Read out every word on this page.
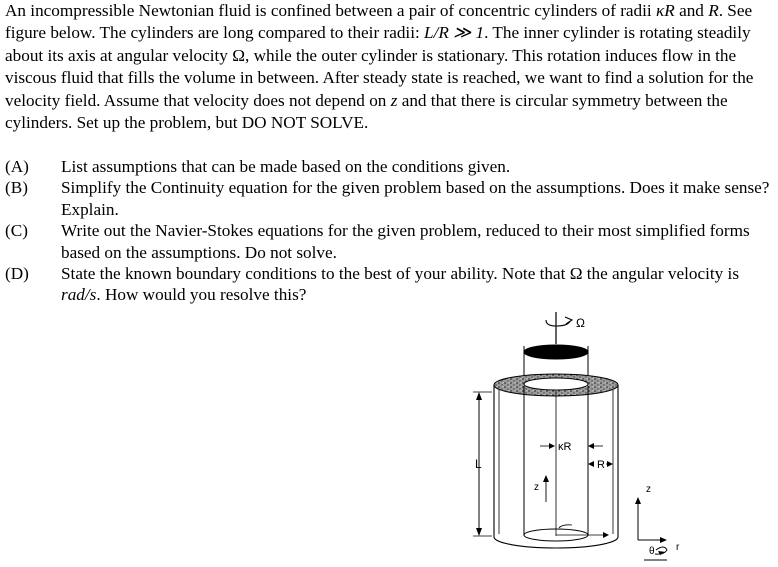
An incompressible Newtonian fluid is confined between a pair of concentric cylinders of radii κR and R. See figure below. The cylinders are long compared to their radii: L/R ≫ 1. The inner cylinder is rotating steadily about its axis at angular velocity Ω, while the outer cylinder is stationary. This rotation induces flow in the viscous fluid that fills the volume in between. After steady state is reached, we want to find a solution for the velocity field. Assume that velocity does not depend on z and that there is circular symmetry between the cylinders. Set up the problem, but DO NOT SOLVE.
(A) List assumptions that can be made based on the conditions given.
(B) Simplify the Continuity equation for the given problem based on the assumptions. Does it make sense? Explain.
(C) Write out the Navier-Stokes equations for the given problem, reduced to their most simplified forms based on the assumptions. Do not solve.
(D) State the known boundary conditions to the best of your ability. Note that Ω the angular velocity is rad/s. How would you resolve this?
Ω
κR
R
L
z	z
θ r
